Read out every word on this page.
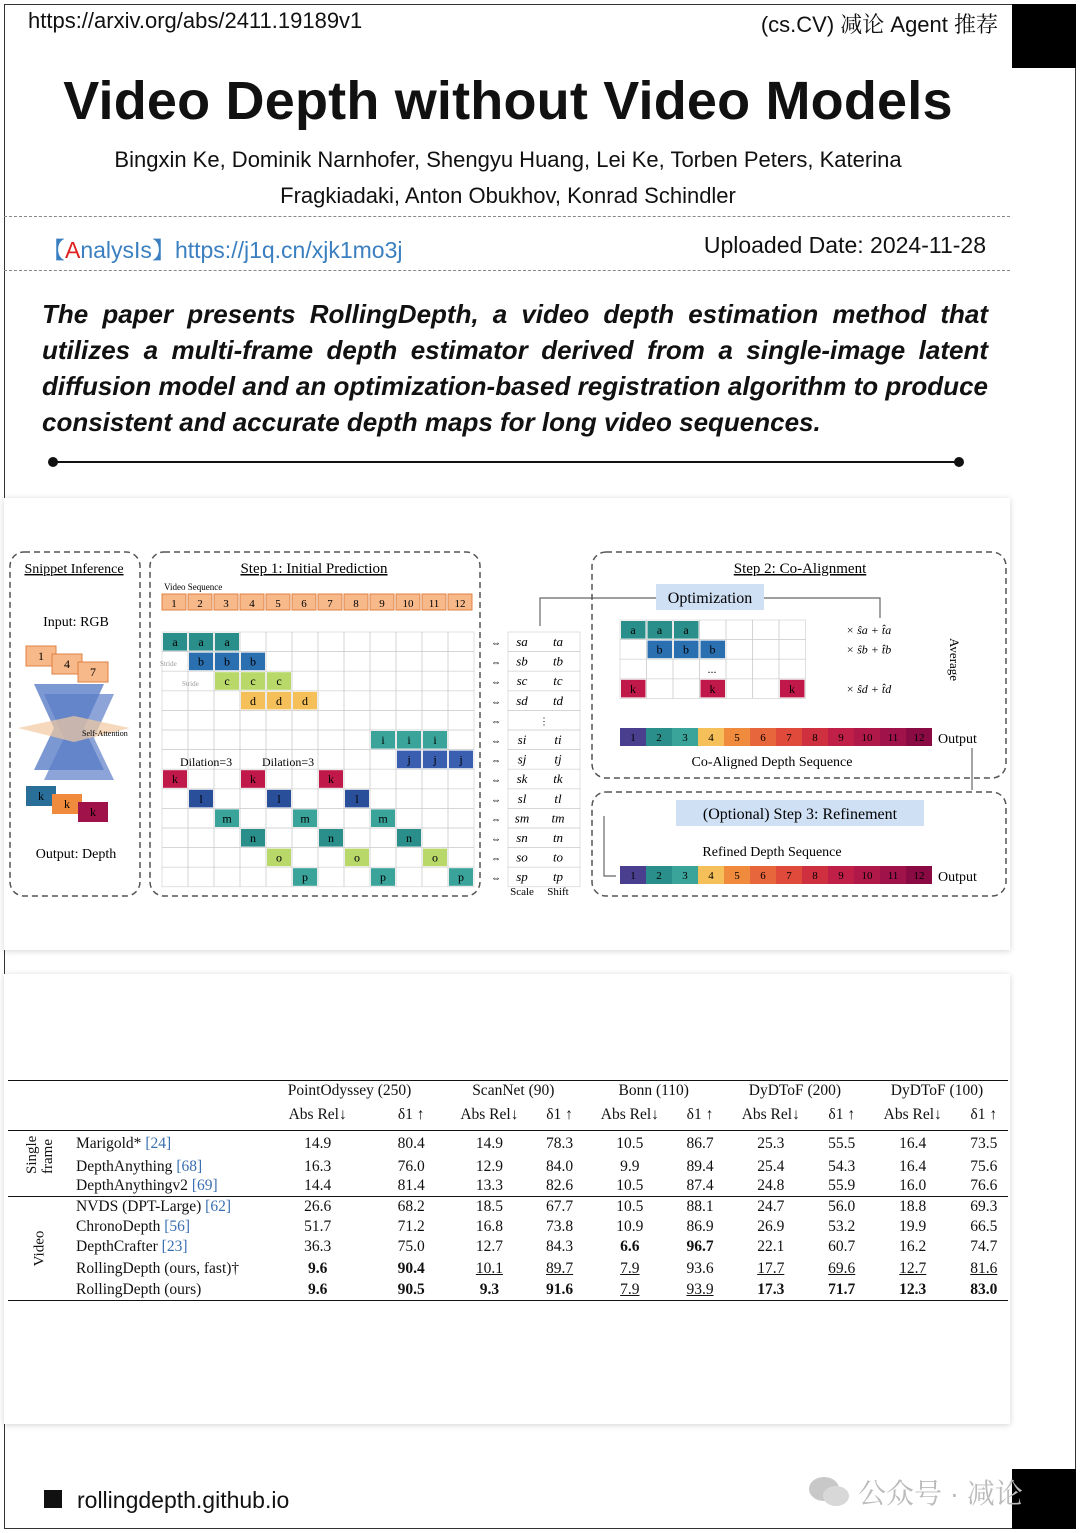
https://arxiv.org/abs/2411.19189v1	(cs.CV) 减论 Agent 推荐
Video Depth without Video Models
Bingxin Ke, Dominik Narnhofer, Shengyu Huang, Lei Ke, Torben Peters, Katerina
Fragkiadaki, Anton Obukhov, Konrad Schindler
【AnalysIs】https://j1q.cn/xjk1mo3j	Uploaded Date: 2024-11-28
The paper presents RollingDepth, a video depth estimation method that utilizes a multi-frame depth estimator derived from a single-image latent diffusion model and an optimization-based registration algorithm to produce consistent and accurate depth maps for long video sequences.
Snippet Inference
Input: RGB
1
4
7
Self-Attention
k
k
k
Output: Depth
Step 1: Initial Prediction
Video Sequence
1 2 3 4 5 6 7 8 9 10 11 12
a a a
b b b
c c c
d d d
i i i
j j j
k	k	k
l	l	l
m	m	m
n	n	n
o	o	o
p	p	p
Dilation=3 Dilation=3
Stride
Stride
⇔ sa ta
⇔ sb tb
⇔ sc tc
⇔ sd td
⇔	⋮
⇔ si ti
⇔ sj tj
⇔ sk tk
⇔ sl tl
⇔ sm tm
⇔ sn tn
⇔ so to
⇔ sp tp
Scale Shift
Step 2: Co-Alignment
Optimization
a a a	× ŝa + t̂a
b b b	× ŝb + t̂b
...
k	k	k	× ŝd + t̂d
Average
1 2 3 4 5 6 7 8 9 10 11 12 Output
Co-Aligned Depth Sequence
(Optional) Step 3: Refinement
Refined Depth Sequence
1 2 3 4 5 6 7 8 9 10 11 12 Output
		PointOdyssey (250)		ScanNet (90)		Bonn (110)		DyDToF (200)		DyDToF (100)	
		Abs Rel↓	δ1 ↑	Abs Rel↓	δ1 ↑	Abs Rel↓	δ1 ↑	Abs Rel↓	δ1 ↑	Abs Rel↓	δ1 ↑

Single frame	Marigold* [24]	14.9	80.4	14.9	78.3	10.5	86.7	25.3	55.5	16.4	73.5
	DepthAnything [68]	16.3	76.0	12.9	84.0	9.9	89.4	25.4	54.3	16.4	75.6
	DepthAnythingv2 [69]	14.4	81.4	13.3	82.6	10.5	87.4	24.8	55.9	16.0	76.6

Video	NVDS (DPT-Large) [62]	26.6	68.2	18.5	67.7	10.5	88.1	24.7	56.0	18.8	69.3
	ChronoDepth [56]	51.7	71.2	16.8	73.8	10.9	86.9	26.9	53.2	19.9	66.5
	DepthCrafter [23]	36.3	75.0	12.7	84.3	6.6	96.7	22.1	60.7	16.2	74.7
	RollingDepth (ours, fast)†	9.6	90.4	10.1	89.7	7.9	93.6	17.7	69.6	12.7	81.6
	RollingDepth (ours)	9.6	90.5	9.3	91.6	7.9	93.9	17.3	71.7	12.3	83.0
rollingdepth.github.io	公众号 · 减论
